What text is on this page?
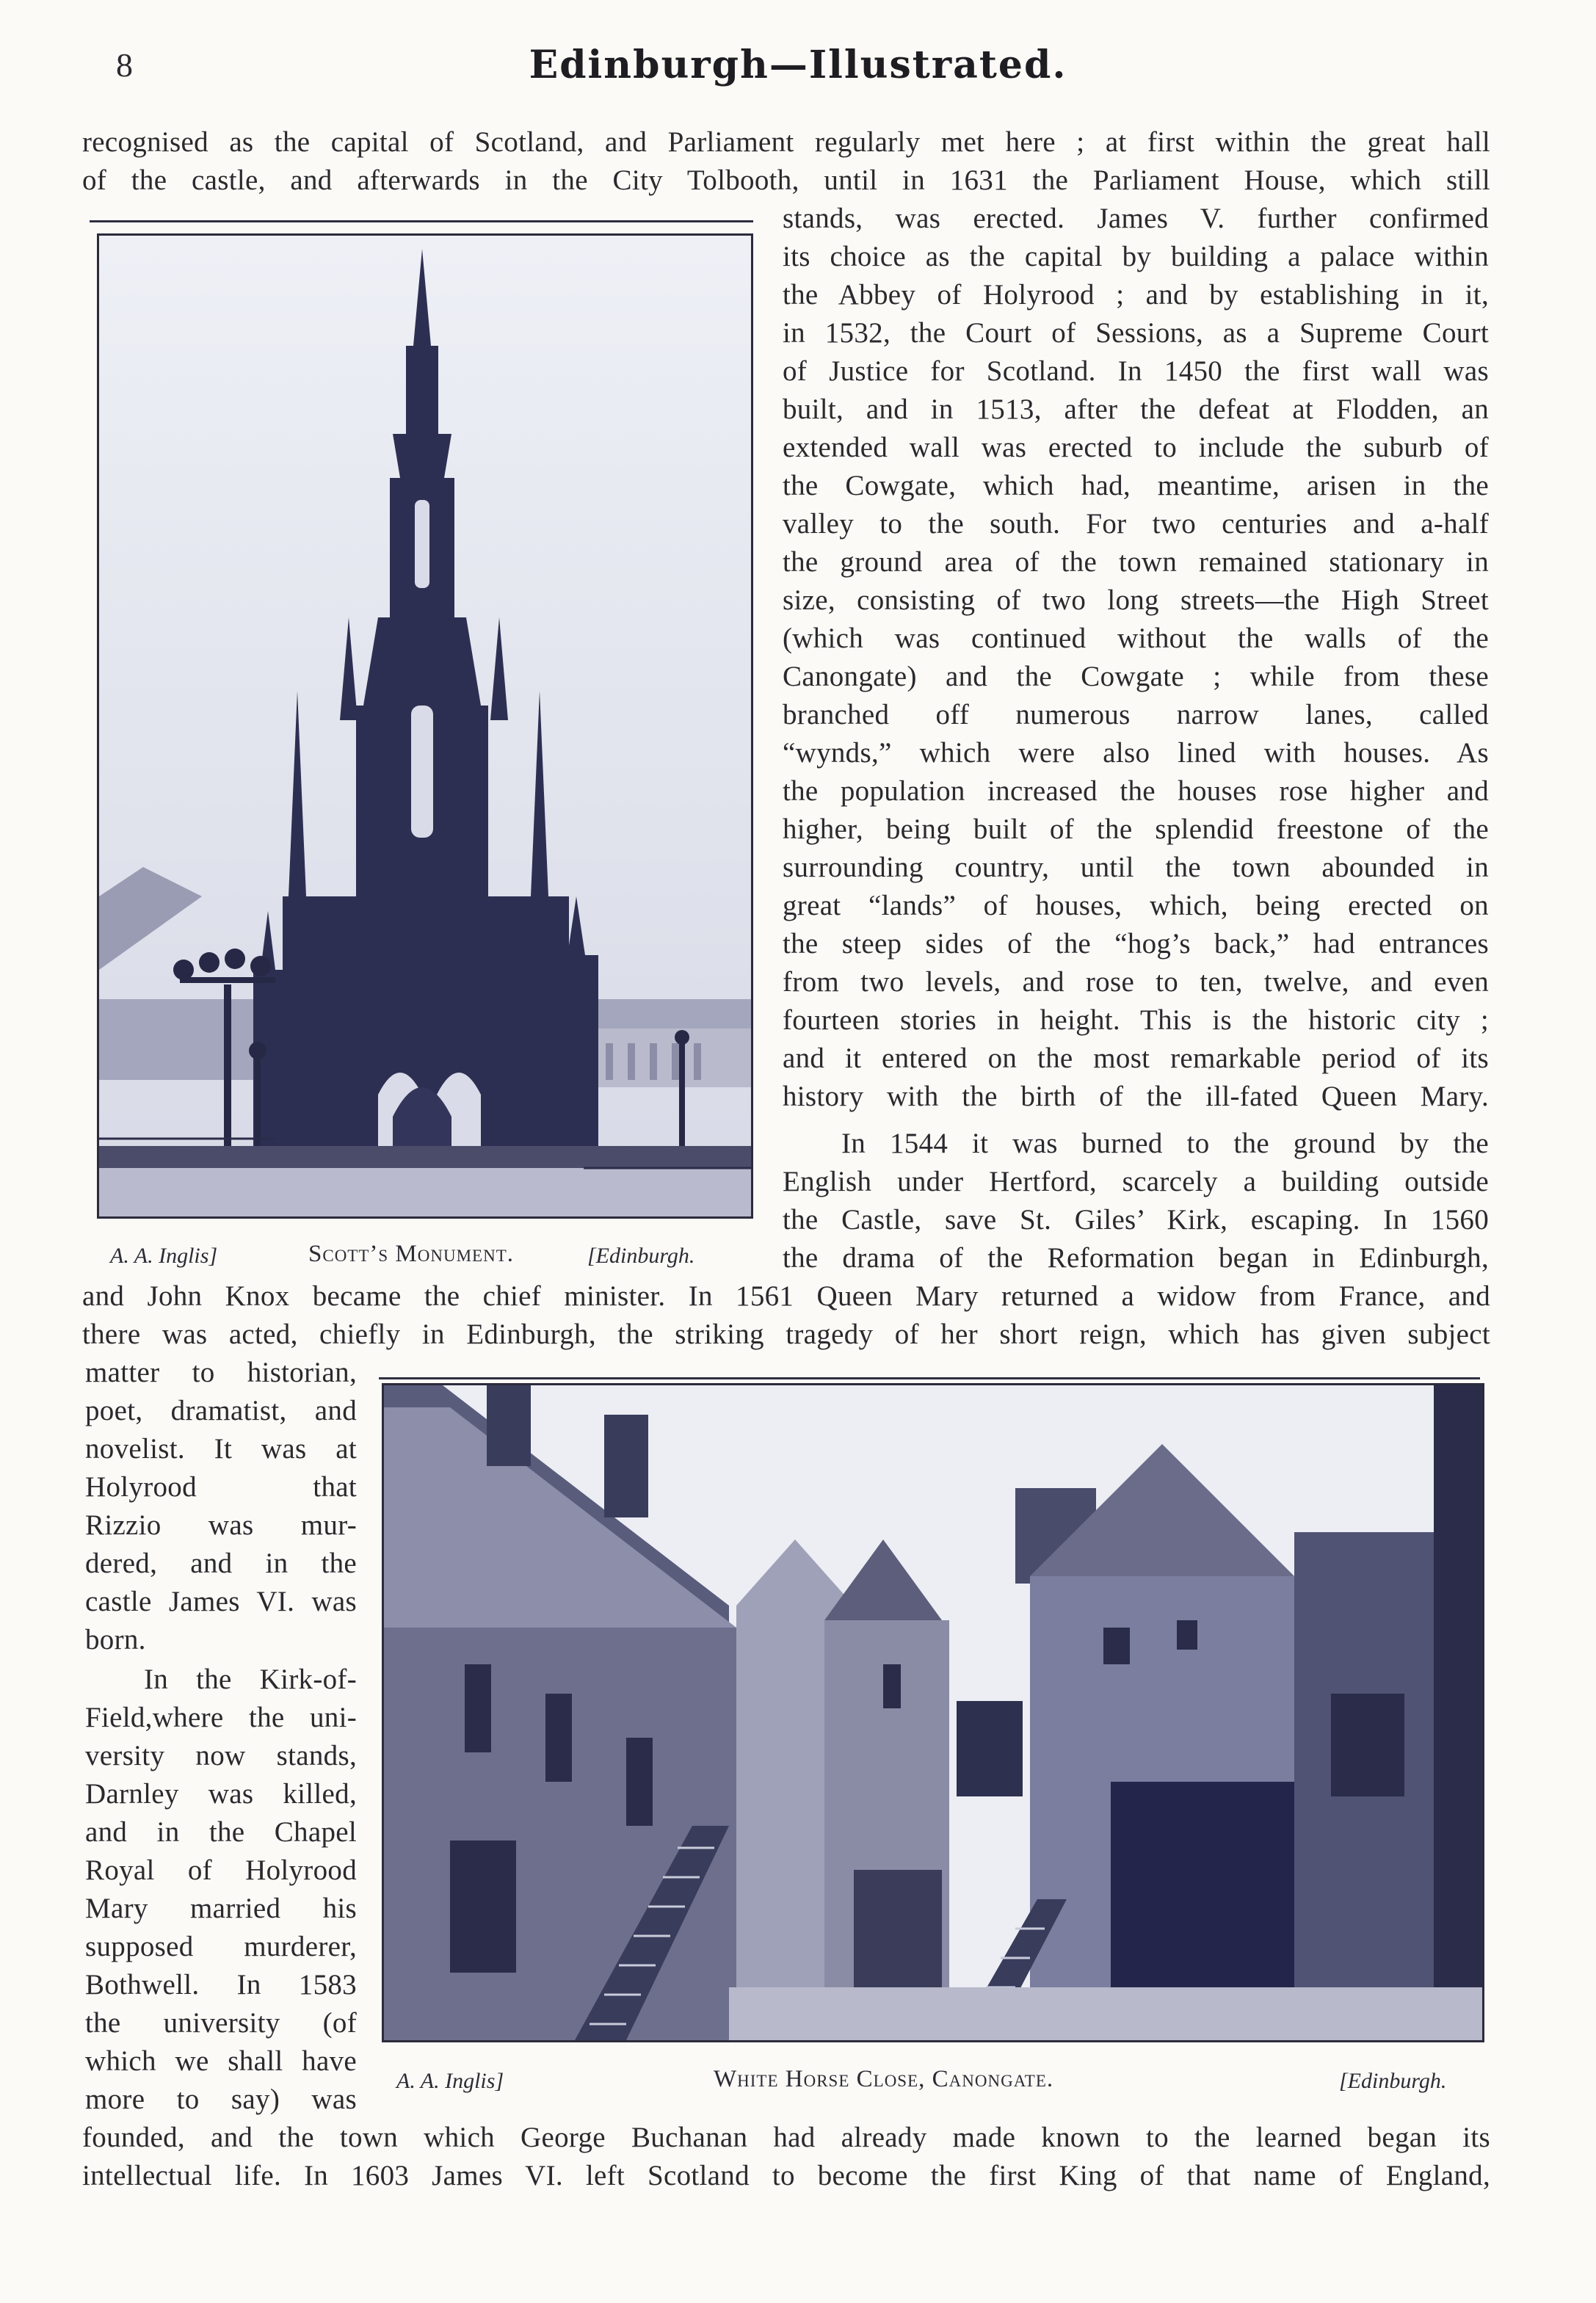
8	Edinburgh—Illustrated.
recognised as the capital of Scotland, and Parliament regularly met here ; at first within the great hall
of the castle, and afterwards in the City Tolbooth, until in 1631 the Parliament House, which still
A. A. Inglis]	Scott’s Monument.	[Edinburgh.
stands, was erected. James V. further confirmed
its choice as the capital by building a palace within
the Abbey of Holyrood ; and by establishing in it,
in 1532, the Court of Sessions, as a Supreme Court
of Justice for Scotland. In 1450 the first wall was
built, and in 1513, after the defeat at Flodden, an
extended wall was erected to include the suburb of
the Cowgate, which had, meantime, arisen in the
valley to the south. For two centuries and a-half
the ground area of the town remained stationary in
size, consisting of two long streets—the High Street
(which was continued without the walls of the
Canongate) and the Cowgate ; while from these
branched off numerous narrow lanes, called
“wynds,” which were also lined with houses. As
the population increased the houses rose higher and
higher, being built of the splendid freestone of the
surrounding country, until the town abounded in
great “lands” of houses, which, being erected on
the steep sides of the “hog’s back,” had entrances
from two levels, and rose to ten, twelve, and even
fourteen stories in height. This is the historic city ;
and it entered on the most remarkable period of its
history with the birth of the ill-fated Queen Mary.
In 1544 it was burned to the ground by the
English under Hertford, scarcely a building outside
the Castle, save St. Giles’ Kirk, escaping. In 1560
the drama of the Reformation began in Edinburgh,
and John Knox became the chief minister. In 1561 Queen Mary returned a widow from France, and
there was acted, chiefly in Edinburgh, the striking tragedy of her short reign, which has given subject
A. A. Inglis]	White Horse Close, Canongate.	[Edinburgh.
matter to historian,
poet, dramatist, and
novelist. It was at
Holyrood that
Rizzio was mur-
dered, and in the
castle James VI. was
born.
In the Kirk-of-
Field,where the uni-
versity now stands,
Darnley was killed,
and in the Chapel
Royal of Holyrood
Mary married his
supposed murderer,
Bothwell. In 1583
the university (of
which we shall have
more to say) was
founded, and the town which George Buchanan had already made known to the learned began its
intellectual life. In 1603 James VI. left Scotland to become the first King of that name of England,
